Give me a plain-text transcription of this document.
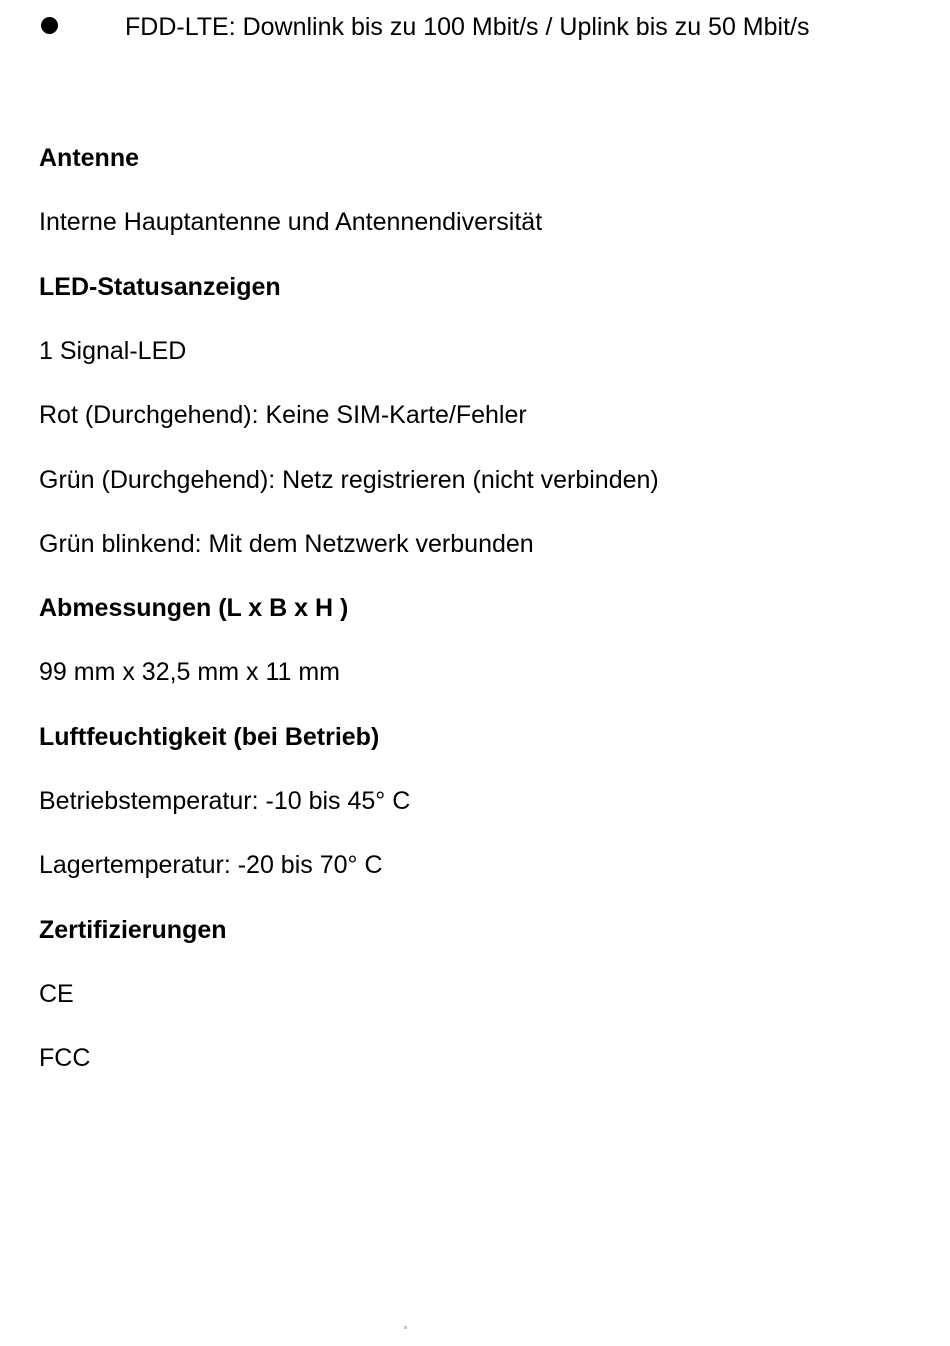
FDD-LTE: Downlink bis zu 100 Mbit/s / Uplink bis zu 50 Mbit/s
Antenne
Interne Hauptantenne und Antennendiversität
LED-Statusanzeigen
1 Signal-LED
Rot (Durchgehend): Keine SIM-Karte/Fehler
Grün (Durchgehend): Netz registrieren (nicht verbinden)
Grün blinkend: Mit dem Netzwerk verbunden
Abmessungen (L x B x H )
99 mm x 32,5 mm x 11 mm
Luftfeuchtigkeit (bei Betrieb)
Betriebstemperatur: -10 bis 45° C
Lagertemperatur: -20 bis 70° C
Zertifizierungen
CE
FCC
